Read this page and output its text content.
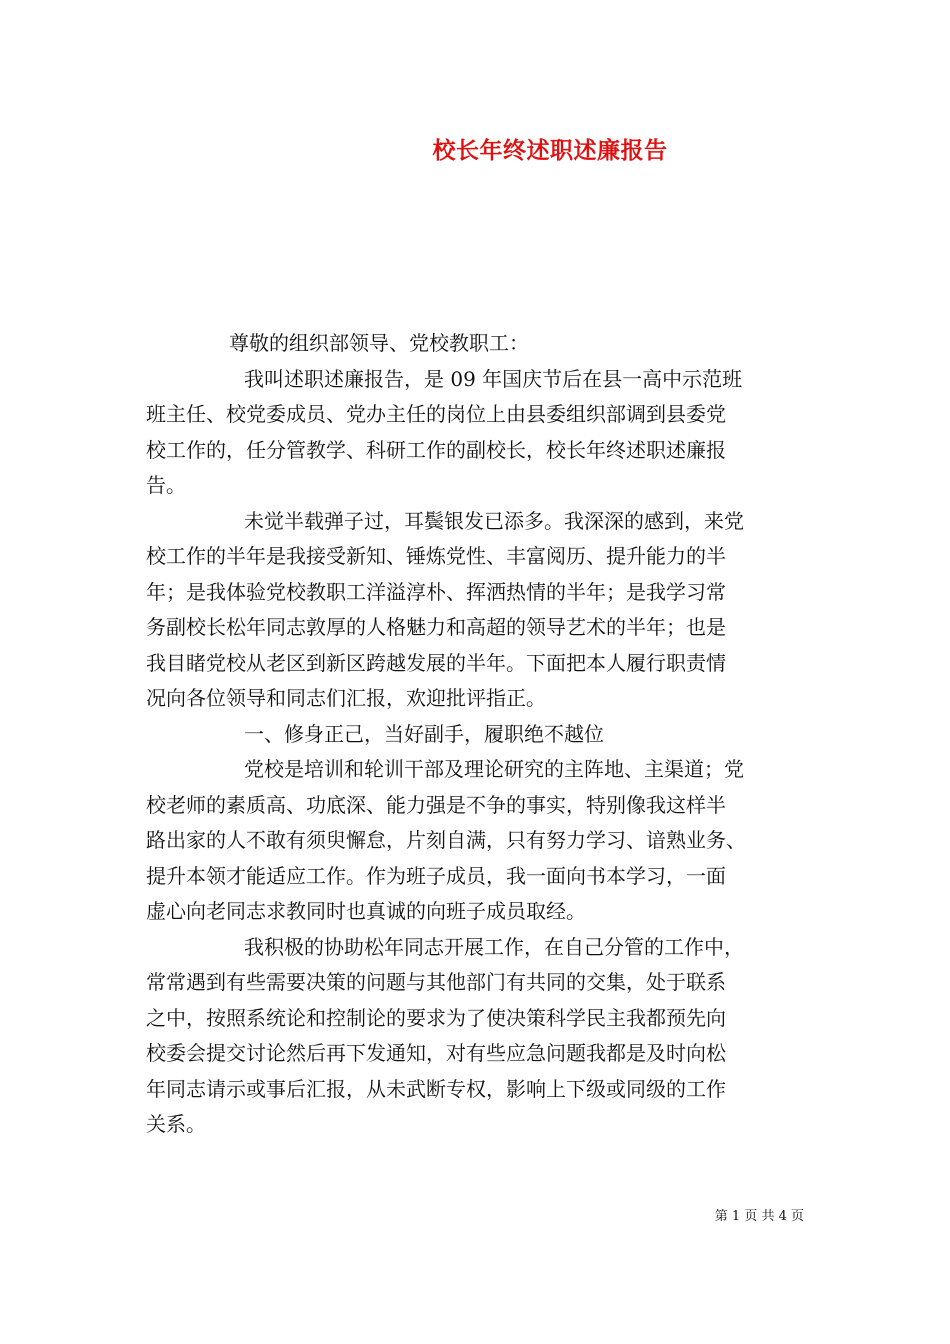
校长年终述职述廉报告
尊敬的组织部领导、党校教职工：
我叫述职述廉报告，是 09 年国庆节后在县一高中示范班
班主任、校党委成员、党办主任的岗位上由县委组织部调到县委党
校工作的，任分管教学、科研工作的副校长，校长年终述职述廉报
告。
未觉半载弹子过，耳鬓银发已添多。我深深的感到，来党
校工作的半年是我接受新知、锤炼党性、丰富阅历、提升能力的半
年；是我体验党校教职工洋溢淳朴、挥洒热情的半年；是我学习常
务副校长松年同志敦厚的人格魅力和高超的领导艺术的半年；也是
我目睹党校从老区到新区跨越发展的半年。下面把本人履行职责情
况向各位领导和同志们汇报，欢迎批评指正。
一、修身正己，当好副手，履职绝不越位
党校是培训和轮训干部及理论研究的主阵地、主渠道；党
校老师的素质高、功底深、能力强是不争的事实，特别像我这样半
路出家的人不敢有须臾懈怠，片刻自满，只有努力学习、谙熟业务、
提升本领才能适应工作。作为班子成员，我一面向书本学习，一面
虚心向老同志求教同时也真诚的向班子成员取经。
我积极的协助松年同志开展工作，在自己分管的工作中，
常常遇到有些需要决策的问题与其他部门有共同的交集，处于联系
之中，按照系统论和控制论的要求为了使决策科学民主我都预先向
校委会提交讨论然后再下发通知，对有些应急问题我都是及时向松
年同志请示或事后汇报，从未武断专权，影响上下级或同级的工作
关系。
第 1 页 共 4 页
